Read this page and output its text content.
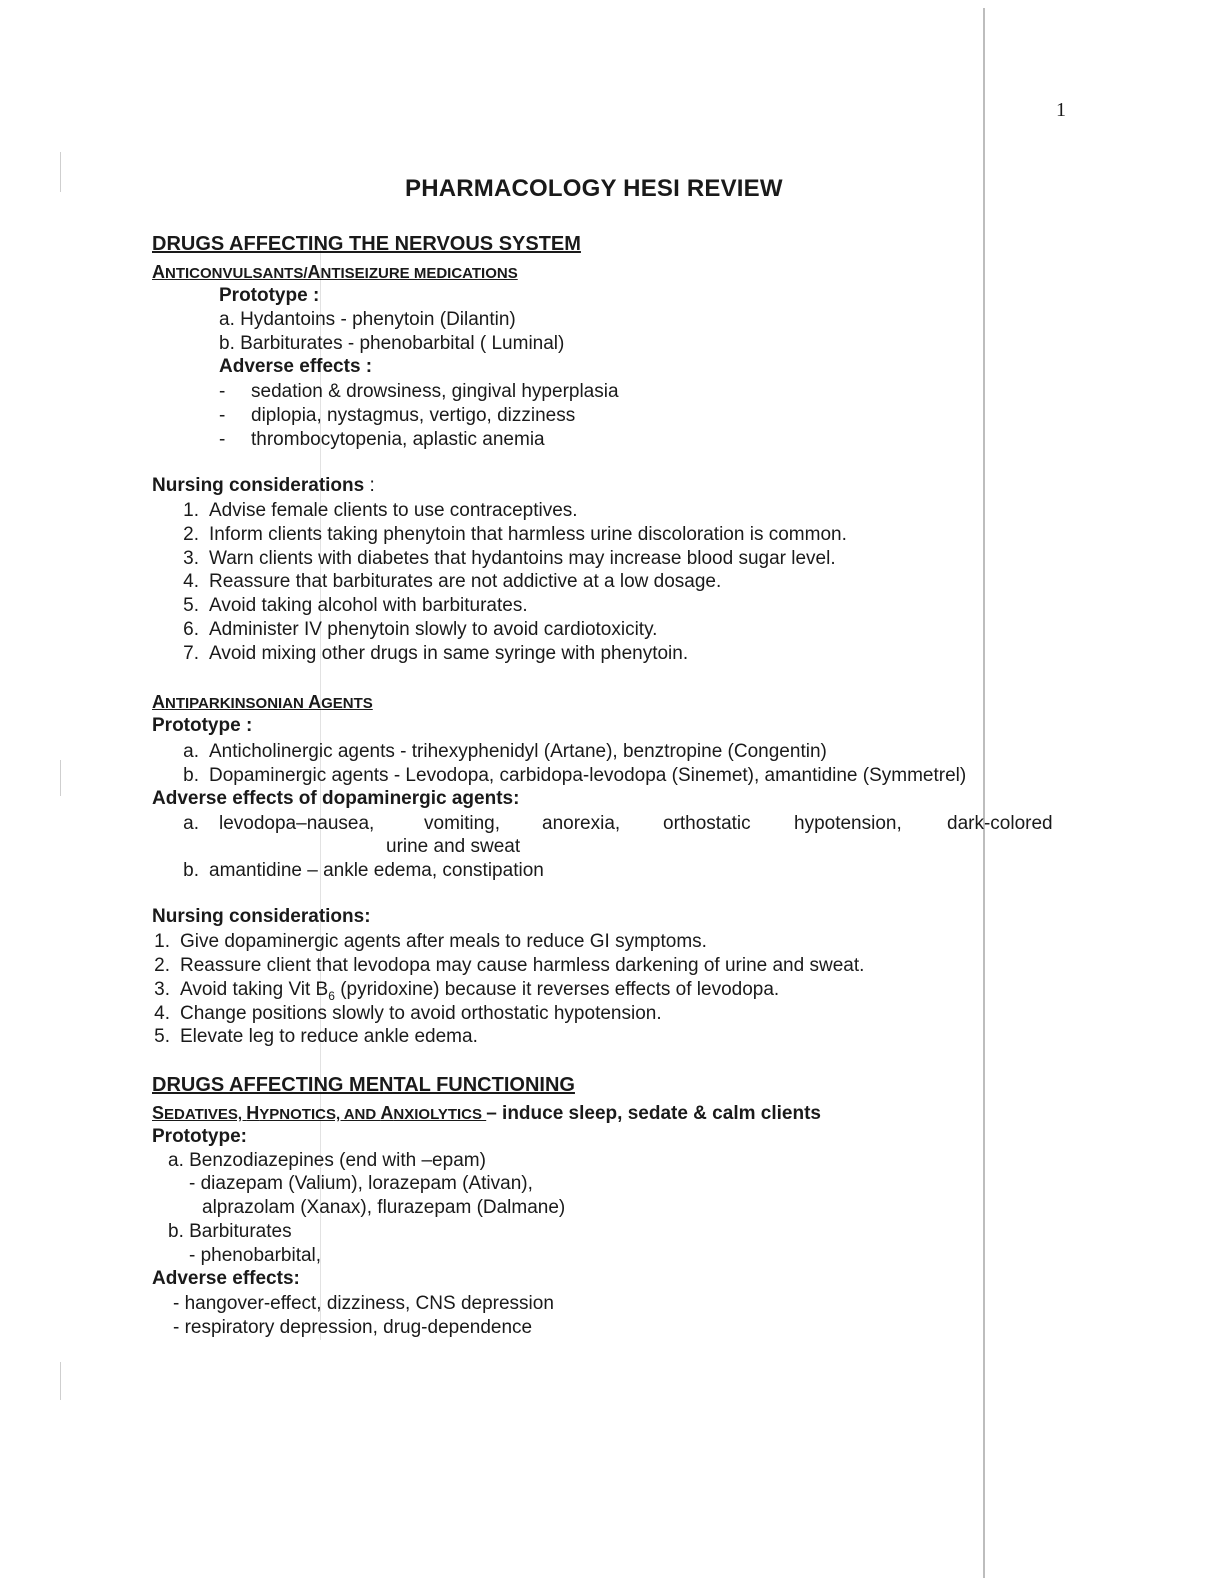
1
PHARMACOLOGY HESI REVIEW
DRUGS AFFECTING THE NERVOUS SYSTEM
ANTICONVULSANTS/ANTISEIZURE MEDICATIONS
Prototype :
a. Hydantoins - phenytoin (Dilantin)
b. Barbiturates - phenobarbital ( Luminal)
Adverse effects :
- sedation & drowsiness, gingival hyperplasia
- diplopia, nystagmus, vertigo, dizziness
- thrombocytopenia, aplastic anemia
Nursing considerations :
1. Advise female clients to use contraceptives.
2. Inform clients taking phenytoin that harmless urine discoloration is common.
3. Warn clients with diabetes that hydantoins may increase blood sugar level.
4. Reassure that barbiturates are not addictive at a low dosage.
5. Avoid taking alcohol with barbiturates.
6. Administer IV phenytoin slowly to avoid cardiotoxicity.
7. Avoid mixing other drugs in same syringe with phenytoin.
ANTIPARKINSONIAN AGENTS
Prototype :
a. Anticholinergic agents - trihexyphenidyl (Artane), benztropine (Congentin)
b. Dopaminergic agents - Levodopa, carbidopa-levodopa (Sinemet), amantidine (Symmetrel)
Adverse effects of dopaminergic agents:
a.	levodopa–nausea,	vomiting, anorexia, orthostatic hypotension, dark-colored
urine and sweat
b. amantidine – ankle edema, constipation
Nursing considerations:
1. Give dopaminergic agents after meals to reduce GI symptoms.
2. Reassure client that levodopa may cause harmless darkening of urine and sweat.
3. Avoid taking Vit $B_6$ (pyridoxine) because it reverses effects of levodopa.
4. Change positions slowly to avoid orthostatic hypotension.
5. Elevate leg to reduce ankle edema.
DRUGS AFFECTING MENTAL FUNCTIONING
SEDATIVES, HYPNOTICS, AND ANXIOLYTICS – induce sleep, sedate & calm clients
Prototype:
a. Benzodiazepines (end with –epam)
- diazepam (Valium), lorazepam (Ativan),
alprazolam (Xanax), flurazepam (Dalmane)
b. Barbiturates
- phenobarbital,
Adverse effects:
- hangover-effect, dizziness, CNS depression
- respiratory depression, drug-dependence
